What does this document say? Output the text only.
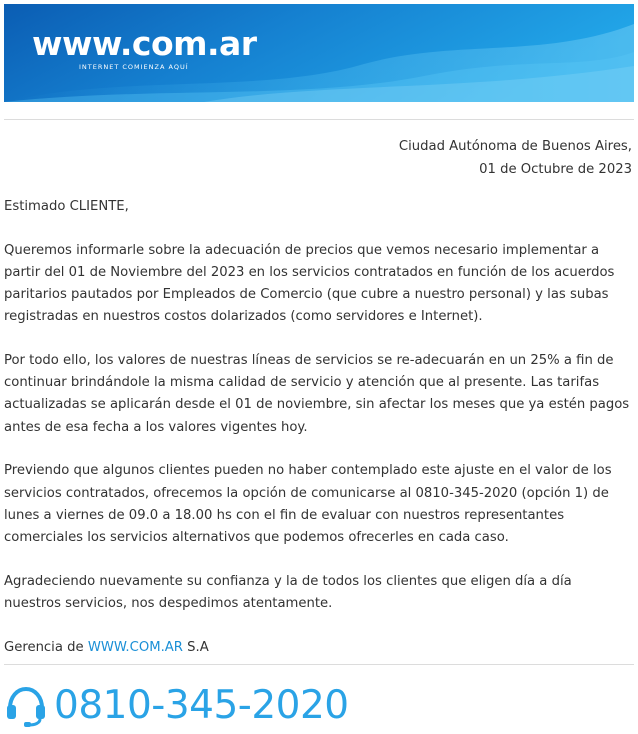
www.com.ar
INTERNET COMIENZA AQUÍ
Ciudad Autónoma de Buenos Aires,
01 de Octubre de 2023

Estimado CLIENTE,

Queremos informarle sobre la adecuación de precios que vemos necesario implementar a partir del 01 de Noviembre del 2023 en los servicios contratados en función de los acuerdos paritarios pautados por Empleados de Comercio (que cubre a nuestro personal) y las subas registradas en nuestros costos dolarizados (como servidores e Internet).

Por todo ello, los valores de nuestras líneas de servicios se re-adecuarán en un 25% a fin de continuar brindándole la misma calidad de servicio y atención que al presente. Las tarifas actualizadas se aplicarán desde el 01 de noviembre, sin afectar los meses que ya estén pagos antes de esa fecha a los valores vigentes hoy.

Previendo que algunos clientes pueden no haber contemplado este ajuste en el valor de los servicios contratados, ofrecemos la opción de comunicarse al 0810-345-2020 (opción 1) de lunes a viernes de 09.0 a 18.00 hs con el fin de evaluar con nuestros representantes comerciales los servicios alternativos que podemos ofrecerles en cada caso.

Agradeciendo nuevamente su confianza y la de todos los clientes que eligen día a día nuestros servicios, nos despedimos atentamente.

Gerencia de WWW.COM.AR S.A

0810-345-2020
